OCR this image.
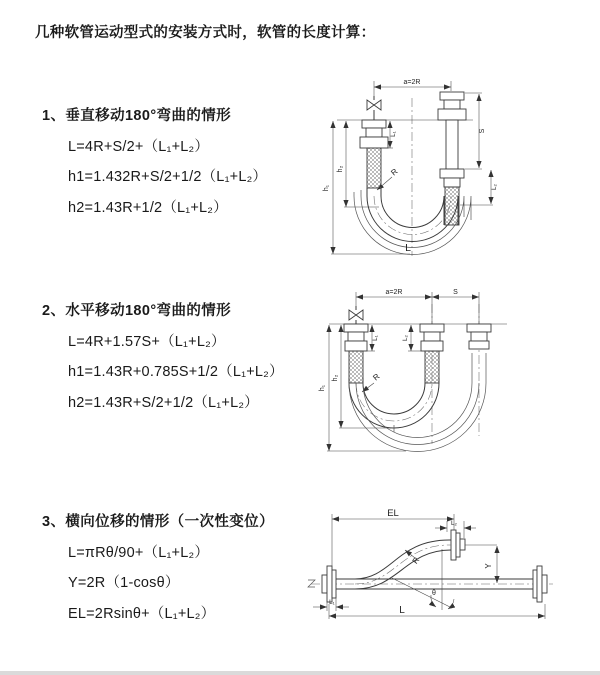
几种软管运动型式的安装方式时，软管的长度计算：
1、垂直移动180°弯曲的情形
L=4R+S/2+（L₁+L₂）
h1=1.432R+S/2+1/2（L₁+L₂）
h2=1.43R+1/2（L₁+L₂）
2、水平移动180°弯曲的情形
L=4R+1.57S+（L₁+L₂）
h1=1.43R+0.785S+1/2（L₁+L₂）
h2=1.43R+S/2+1/2（L₁+L₂）
3、横向位移的情形（一次性变位）
L=πRθ/90+（L₁+L₂）
Y=2R（1-cosθ）
EL=2Rsinθ+（L₁+L₂）
a=2R
S
L₁
L₂
h₁
h₂	R
L
a=2R	S
L₁	L₂
h₁
h₂	R
EL
L₂
Y
R
θ
L
L₁
